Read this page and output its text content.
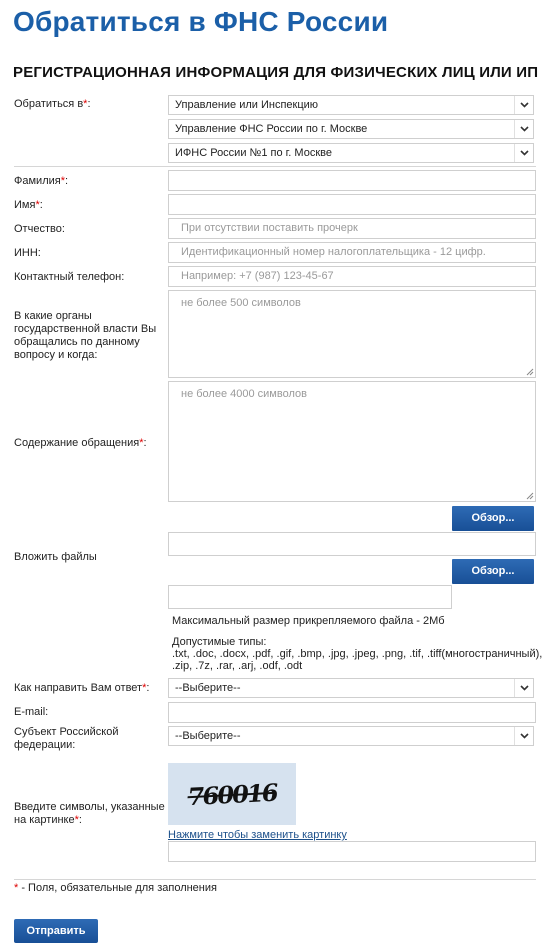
Обратиться в ФНС России
РЕГИСТРАЦИОННАЯ ИНФОРМАЦИЯ ДЛЯ ФИЗИЧЕСКИХ ЛИЦ ИЛИ ИП
Обратиться в*:	Управление или Инспекцию
Управление ФНС России по г. Москве
ИФНС России №1 по г. Москве
Фамилия*:
Имя*:
Отчество:	При отсутствии поставить прочерк
ИНН:	Идентификационный номер налогоплательщика - 12 цифр.
Контактный телефон:	Например: +7 (987) 123-45-67
В какие органы
государственной власти Вы
обращались по данному
вопросу и когда:
не более 500 символов
Содержание обращения*:
не более 4000 символов
Обзор...
Вложить файлы
Обзор...
Максимальный размер прикрепляемого файла - 2Мб
Допустимые типы:
.txt, .doc, .docx, .pdf, .gif, .bmp, .jpg, .jpeg, .png, .tif, .tiff(многостраничный),
.zip, .7z, .rar, .arj, .odf, .odt
Как направить Вам ответ*:	--Выберите--
E-mail:
Субъект Российской
федерации:
--Выберите--
Введите символы, указанные
на картинке*:
760016
Нажмите чтобы заменить картинку
* - Поля, обязательные для заполнения
Отправить
